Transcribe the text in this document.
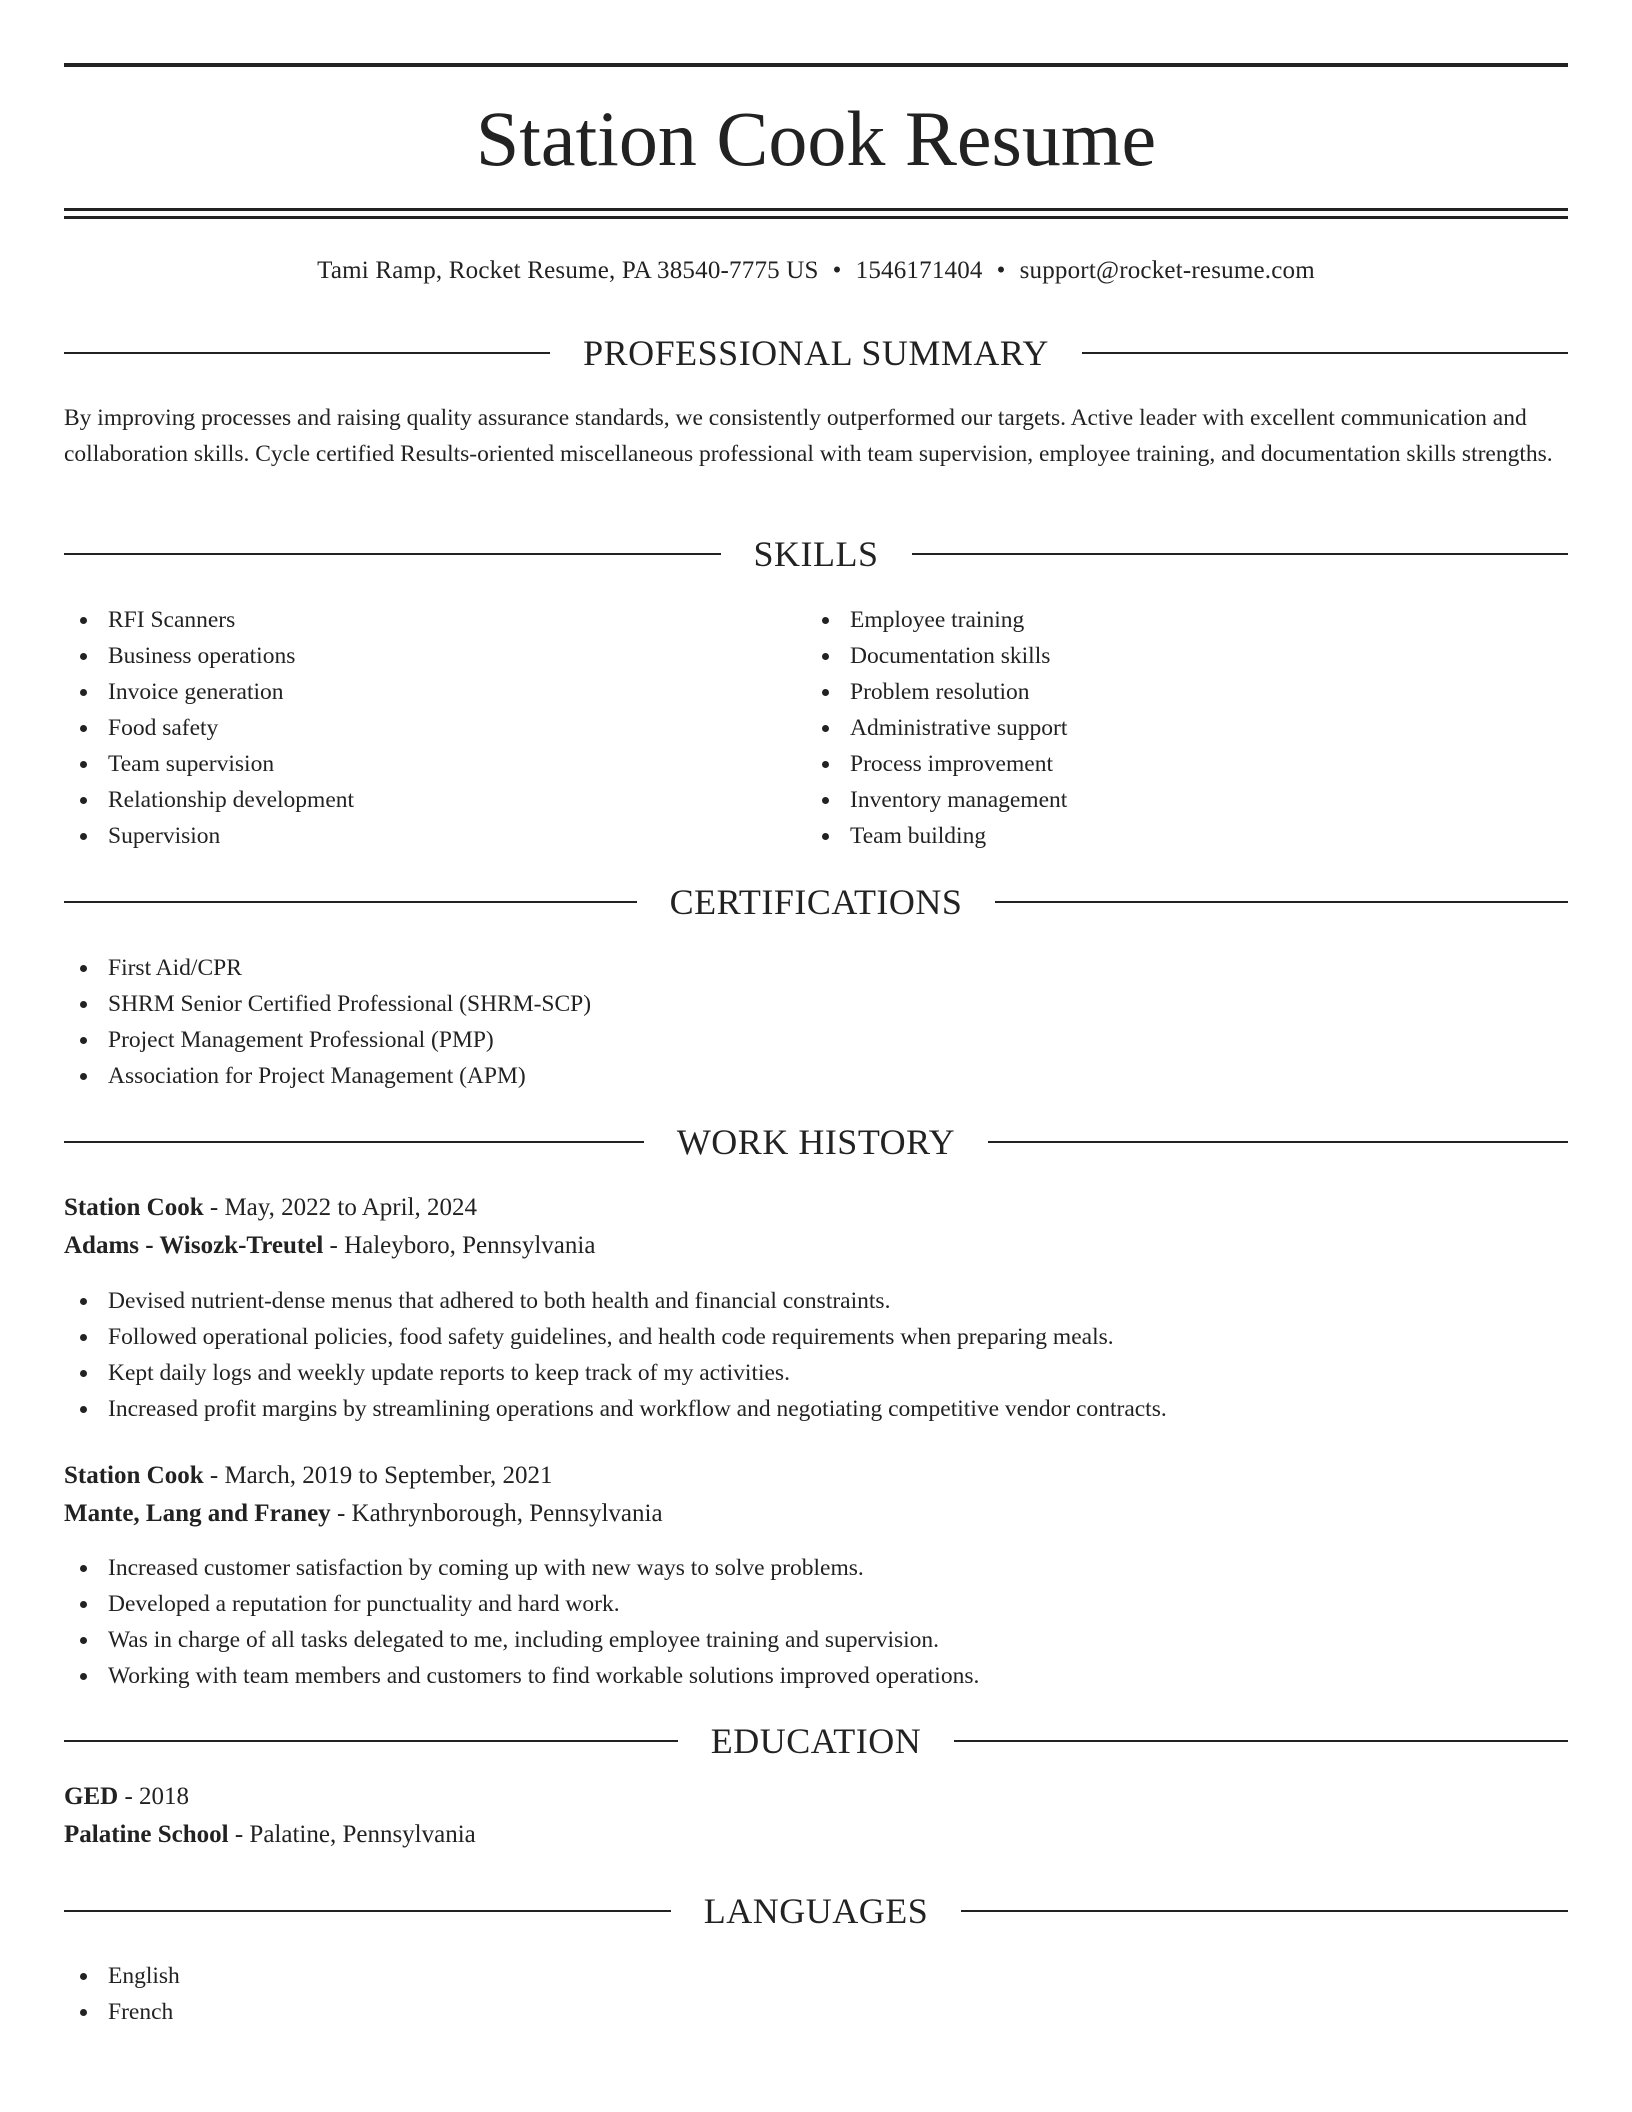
Station Cook Resume
Tami Ramp, Rocket Resume, PA 38540-7775 US • 1546171404 • support@rocket-resume.com
PROFESSIONAL SUMMARY

By improving processes and raising quality assurance standards, we consistently outperformed our targets. Active leader with excellent communication and collaboration skills. Cycle certified Results-oriented miscellaneous professional with team supervision, employee training, and documentation skills strengths.

SKILLS
RFI Scanners
Business operations
Invoice generation
Food safety
Team supervision
Relationship development
Supervision
Employee training
Documentation skills
Problem resolution
Administrative support
Process improvement
Inventory management
Team building
CERTIFICATIONS
First Aid/CPR
SHRM Senior Certified Professional (SHRM-SCP)
Project Management Professional (PMP)
Association for Project Management (APM)
WORK HISTORY
Station Cook - May, 2022 to April, 2024
Adams - Wisozk-Treutel - Haleyboro, Pennsylvania
Devised nutrient-dense menus that adhered to both health and financial constraints.
Followed operational policies, food safety guidelines, and health code requirements when preparing meals.
Kept daily logs and weekly update reports to keep track of my activities.
Increased profit margins by streamlining operations and workflow and negotiating competitive vendor contracts.
Station Cook - March, 2019 to September, 2021
Mante, Lang and Franey - Kathrynborough, Pennsylvania
Increased customer satisfaction by coming up with new ways to solve problems.
Developed a reputation for punctuality and hard work.
Was in charge of all tasks delegated to me, including employee training and supervision.
Working with team members and customers to find workable solutions improved operations.
EDUCATION
GED - 2018
Palatine School - Palatine, Pennsylvania
LANGUAGES
English
French
